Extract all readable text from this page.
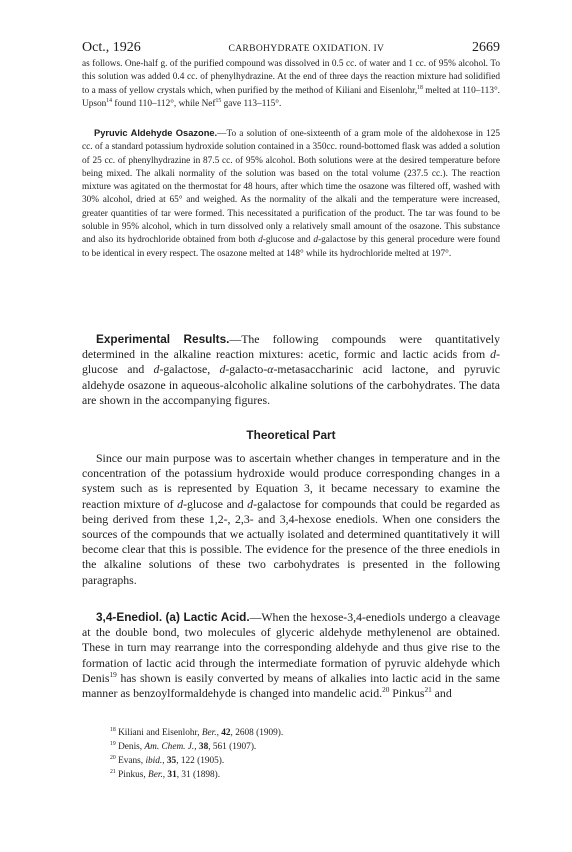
Oct., 1926	CARBOHYDRATE OXIDATION. IV	2669

as follows. One-half g. of the purified compound was dissolved in 0.5 cc. of water and 1 cc. of 95% alcohol. To this solution was added 0.4 cc. of phenylhydrazine. At the end of three days the reaction mixture had solidified to a mass of yellow crystals which, when purified by the method of Kiliani and Eisenlohr,$^{18}$ melted at 110–113°. Upson$^{14}$ found 110–112°, while Nef$^{15}$ gave 113–115°.

Pyruvic Aldehyde Osazone.—To a solution of one-sixteenth of a gram mole of the aldohexose in 125 cc. of a standard potassium hydroxide solution contained in a 350cc. round-bottomed flask was added a solution of 25 cc. of phenylhydrazine in 87.5 cc. of 95% alcohol. Both solutions were at the desired temperature before being mixed. The alkali normality of the solution was based on the total volume (237.5 cc.). The reaction mixture was agitated on the thermostat for 48 hours, after which time the osazone was filtered off, washed with 30% alcohol, dried at 65° and weighed. As the normality of the alkali and the temperature were increased, greater quantities of tar were formed. This necessitated a purification of the product. The tar was found to be soluble in 95% alcohol, which in turn dissolved only a relatively small amount of the osazone. This substance and also its hydrochloride obtained from both d-glucose and d-galactose by this general procedure were found to be identical in every respect. The osazone melted at 148° while its hydrochloride melted at 197°.

Experimental Results.—The following compounds were quantitatively determined in the alkaline reaction mixtures: acetic, formic and lactic acids from d-glucose and d-galactose, d-galacto-α-metasaccharinic acid lactone, and pyruvic aldehyde osazone in aqueous-alcoholic alkaline solutions of the carbohydrates. The data are shown in the accompanying figures.

Theoretical Part

Since our main purpose was to ascertain whether changes in temperature and in the concentration of the potassium hydroxide would produce corresponding changes in a system such as is represented by Equation 3, it became necessary to examine the reaction mixture of d-glucose and d-galactose for compounds that could be regarded as being derived from these 1,2-, 2,3- and 3,4-hexose enediols. When one considers the sources of the compounds that we actually isolated and determined quantitatively it will become clear that this is possible. The evidence for the presence of the three enediols in the alkaline solutions of these two carbohydrates is presented in the following paragraphs.

3,4-Enediol. (a) Lactic Acid.—When the hexose-3,4-enediols undergo a cleavage at the double bond, two molecules of glyceric aldehyde methylenenol are obtained. These in turn may rearrange into the corresponding aldehyde and thus give rise to the formation of lactic acid through the intermediate formation of pyruvic aldehyde which Denis$^{19}$ has shown is easily converted by means of alkalies into lactic acid in the same manner as benzoylformaldehyde is changed into mandelic acid.$^{20}$ Pinkus$^{21}$ and

$^{18}$ Kiliani and Eisenlohr, Ber., 42, 2608 (1909).

$^{19}$ Denis, Am. Chem. J., 38, 561 (1907).

$^{20}$ Evans, ibid., 35, 122 (1905).

$^{21}$ Pinkus, Ber., 31, 31 (1898).
